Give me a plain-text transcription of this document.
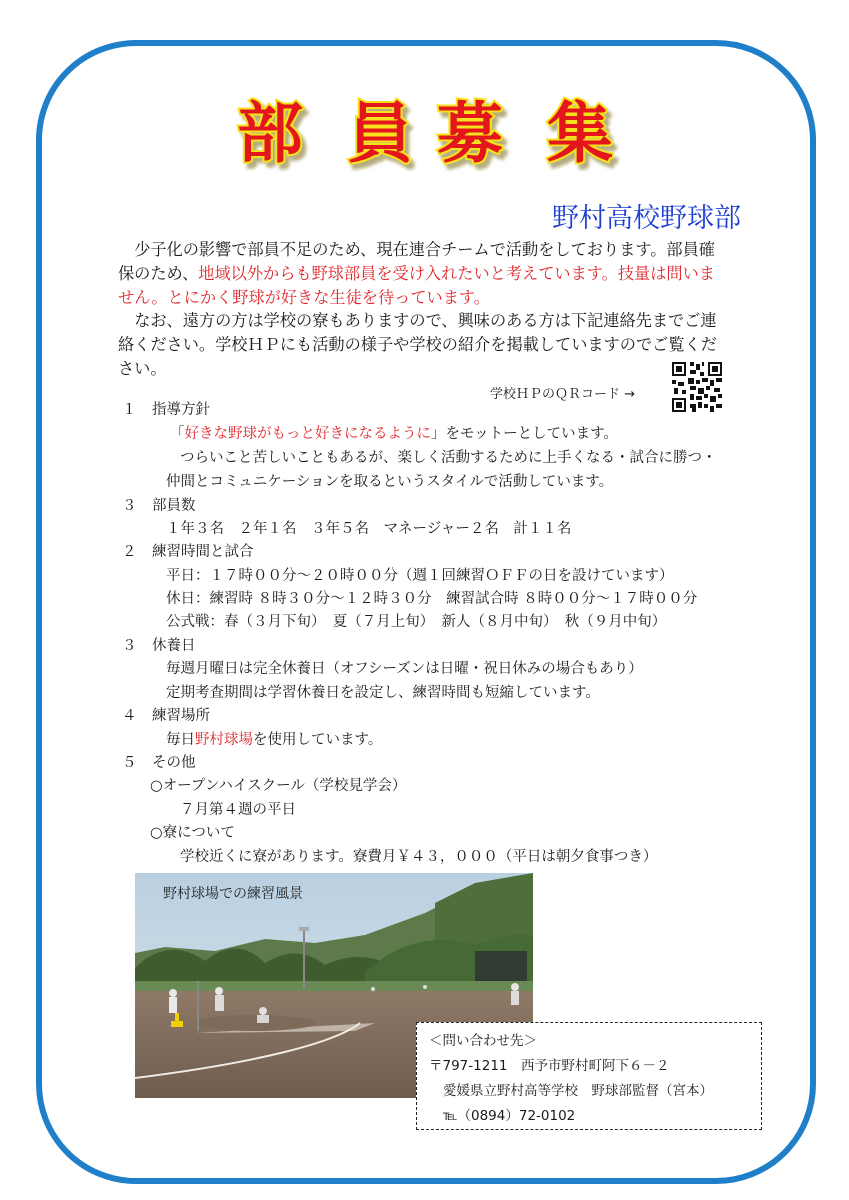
部 員 募 集
野村高校野球部

少子化の影響で部員不足のため、現在連合チームで活動をしております。部員確保のため、地域以外からも野球部員を受け入れたいと考えています。技量は問いません。とにかく野球が好きな生徒を待っています。

なお、遠方の方は学校の寮もありますので、興味のある方は下記連絡先までご連絡ください。学校ＨＰにも活動の様子や学校の紹介を掲載していますのでご覧ください。

学校ＨＰのＱＲコード →
１ 指導方針
「好きな野球がもっと好きになるように」をモットーとしています。
つらいこと苦しいこともあるが、楽しく活動するために上手くなる・試合に勝つ・
仲間とコミュニケーションを取るというスタイルで活動しています。
３ 部員数
１年３名　２年１名　３年５名　マネージャー２名　計１１名
２ 練習時間と試合
平日：１７時００分～２０時００分（週１回練習ＯＦＦの日を設けています）
休日：練習時 ８時３０分～１２時３０分　練習試合時 ８時００分～１７時００分
公式戦：春（３月下旬）　夏（７月上旬）　新人（８月中旬）　秋（９月中旬）
３ 休養日
毎週月曜日は完全休養日（オフシーズンは日曜・祝日休みの場合もあり）
定期考査期間は学習休養日を設定し、練習時間も短縮しています。
４ 練習場所
毎日野村球場を使用しています。
５ その他
○オープンハイスクール（学校見学会）
７月第４週の平日
○寮について
学校近くに寮があります。寮費月￥４３，０００（平日は朝夕食事つき）
野村球場での練習風景
＜問い合わせ先＞
〒797-1211　西予市野村町阿下６－２
愛媛県立野村高等学校　野球部監督（宮本）
℡（0894）72-0102
